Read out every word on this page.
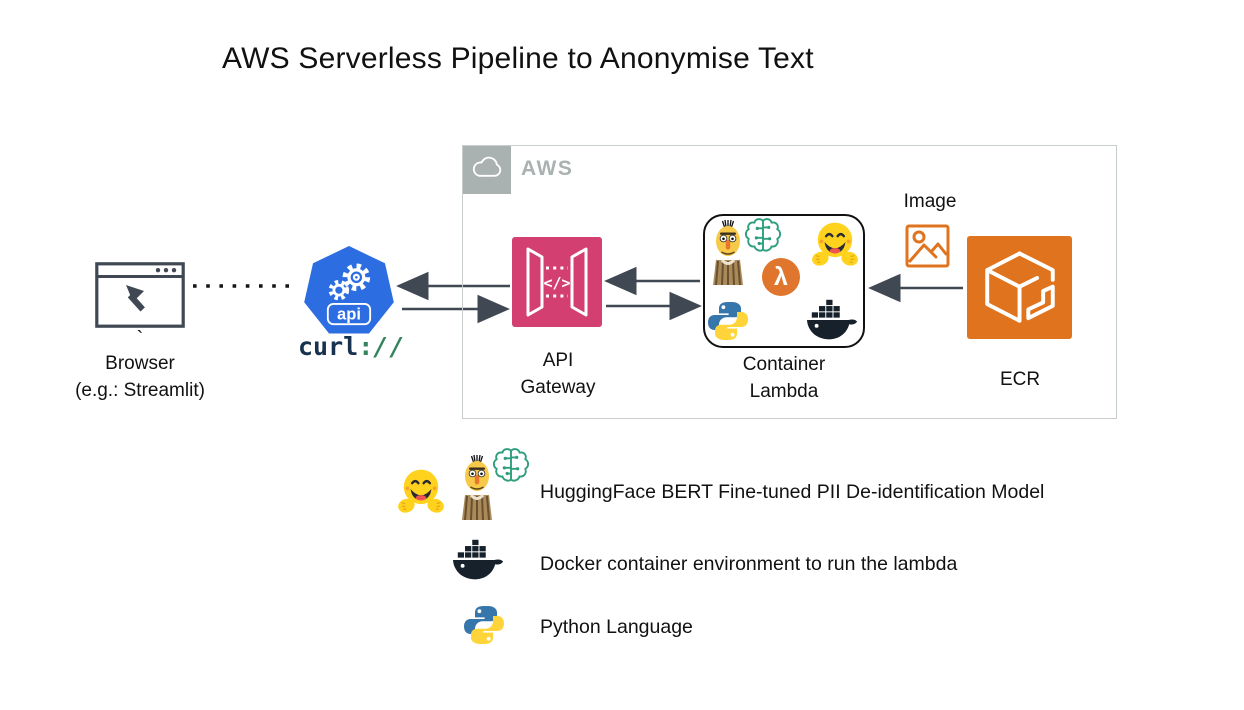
AWS Serverless Pipeline to Anonymise Text
AWS
`
Browser
(e.g.: Streamlit)
api
curl://
</>
API
Gateway
λ
Container
Lambda
Image
ECR
HuggingFace BERT Fine-tuned PII De-identification Model
Docker container environment to run the lambda
Python Language
